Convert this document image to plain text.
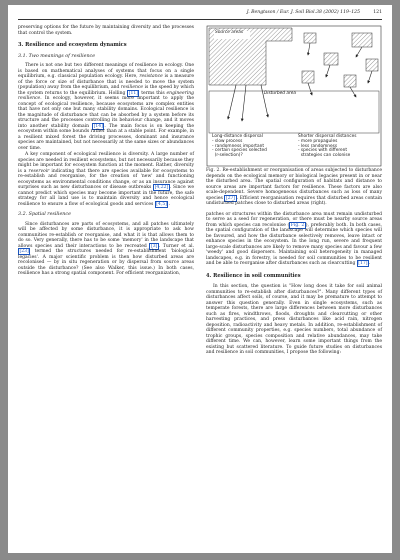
J. Bengtsson / Eur. J. Soil Biol.38 (2002) 119–125	121

preserving options for the future by maintaining diversity and the processes that control the system.

3. Resilience and ecosystem dynamics
3.1. Two meanings of resilience

There is not one but two different meanings of resilience in ecology. One is based on mathematical analyses of systems that focus on a single equilibrium, e.g. classical population ecology. Here, resistance is a measure of the force or size of disturbance that is needed to move the system (population) away from the equilibrium, and resilience is the speed by which the system returns to the equilibrium. Holling [11] terms this engineering resilience. In ecology, however, it seems more important to apply the concept of ecological resilience, because ecosystems are complex entities that have not only one but many stability domains. Ecological resilience is the magnitude of disturbance that can be absorbed by a system before its structure and the processes controlling its behaviour change, and it moves into another stability domain [14] . The main focus is on keeping the ecosystem within some bounds rather than at a stable point. For example, in a resilient mixed forest the driving processes, dominant and insurance species are maintained, but not necessarily at the same sizes or abundances over time.

A key component of ecological resilience is diversity. A large number of species are needed in resilient ecosystems, but not necessarily because they might be important for ecosystem function at the moment. Rather, diversity is a reservoir indicating that there are species available for ecosystems to re-establish and reorganise, for the creation of 'new' and functioning ecosystems as environmental conditions change, or as an insurance against surprises such as new disturbances or disease outbreaks [4,22] . Since we cannot predict which species may become important in the future, the safe strategy for all land use is to maintain diversity and hence ecological resilience to ensure a flow of ecological goods and services [4,5] .

3.2. Spatial resilience

Since disturbances are parts of ecosystems, and all patches ultimately will be affected by some disturbance, it is appropriate to ask how communities re-establish or reorganise, and what it is that allows them to do so. Very generally, there has to be some 'memory' in the landscape that allows species and their interactions to be recreated [3] . Turner et al. [23] termed the structures needed for re-establishment 'biological legacies'. A major scientific problem is then how disturbed areas are recolonised — by in situ regeneration or by dispersal from source areas outside the disturbance? (See also Walker, this issue.) In both cases, resilience has a strong spatial component. For efficient reorganization,

Source areas
Disturbed area
Long-distance dispersal
- slow process
- randomness important
- certain species selected
(r-selection)?
Shorter dispersal distances
- more propagules
- less randomness
- species with different
strategies can colonise

Fig. 2. Re-establishment or reorganisation of areas subjected to disturbance depends on the ecological memory or biological legacies present in or near the disturbed area. The spatial configuration of habitats and distance to source areas are important factors for resilience. These factors are also scale-dependent. Severe homogeneous disturbances such as loss of many species [27] . Efficient reorganisation requires that disturbed areas contain undisturbed patches close to disturbed areas (right).

patches or structures within the disturbance area must remain undisturbed to serve as a seed for regeneration, or there must be nearby source areas from which species can recolonise ( Fig. 2 ), preferably both. In both cases, the spatial configuration of the landscape will determine which species will be favoured, and how the disturbance selectively removes, leave intact or enhance species in the ecosystem. In the long run, severe and frequent large-scale disturbances are likely to remove many species and favour a few 'weedy' and good dispersers. Maintaining soil heterogeneity in managed landscapes, e.g. in forestry, is needed for soil communities to be resilient and be able to reorganise after disturbances such as clearcutting [17] .

4. Resilience in soil communities

In this section, the question is "How long does it take for soil animal communities to re-establish after disturbances?". Many different types of disturbances affect soils, of course, and it may be premature to attempt to answer this question generally. Even in single ecosystems, such as temperate forests, there are large differences between more disturbances such as fires, windthrows, floods, droughts and clearcutting or other harvesting practices, and press disturbances like acid rain, nitrogen deposition, radioactivity and heavy metals. In addition, re-establishment of different community properties, e.g. species numbers, total abundance of trophic groups, species composition and relative abundances, may take different time. We can, however, learn some important things from the existing but scattered literature. To guide future studies on disturbances and resilience in soil communities, I propose the following:
